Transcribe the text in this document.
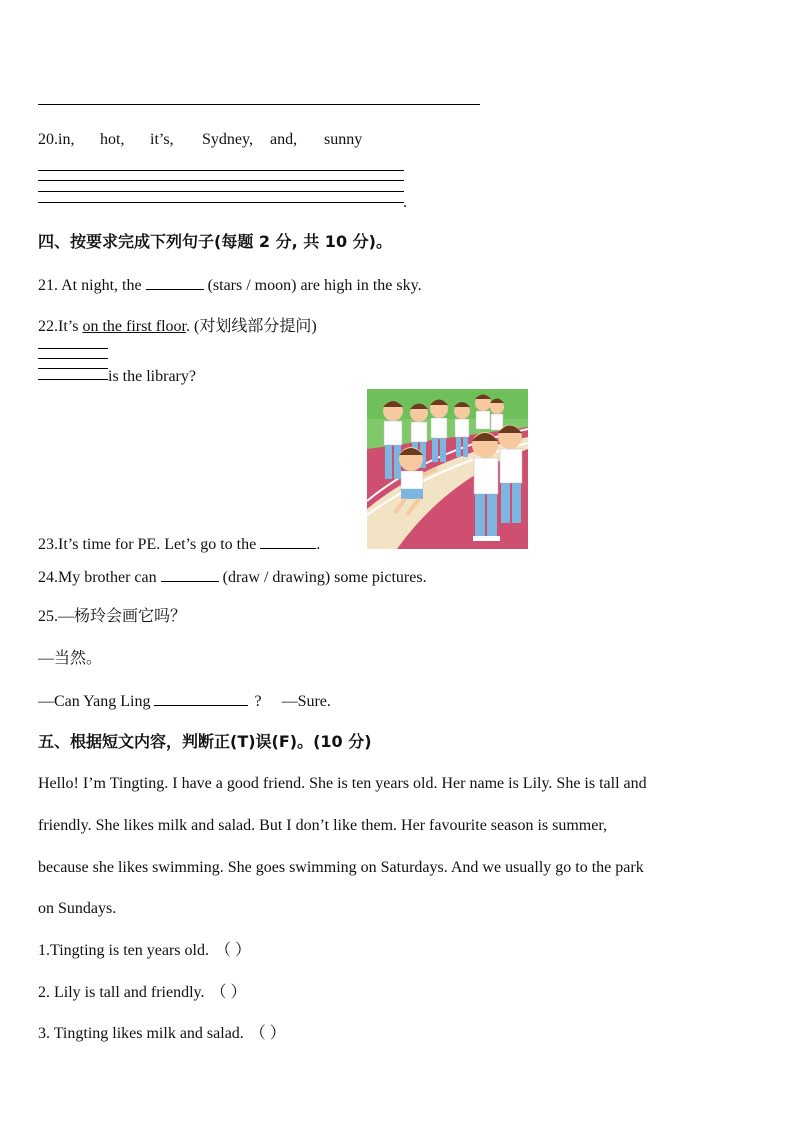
20.in, hot, it’s, Sydney, and, sunny
.
四、按要求完成下列句子(每题 2 分, 共 10 分)。
21. At night, the	(stars / moon) are high in the sky.
22.It’s on the first floor. (对划线部分提问)
is the library?
23.It’s time for PE. Let’s go to the	.
24.My brother can	(draw / drawing) some pictures.
25.—杨玲会画它吗？
—当然。
—Can Yang Ling	? —Sure.
五、根据短文内容，判断正(T)误(F)。(10 分)
Hello! I’m Tingting. I have a good friend. She is ten years old. Her name is Lily. She is tall and
friendly. She likes milk and salad. But I don’t like them. Her favourite season is summer,
because she likes swimming. She goes swimming on Saturdays. And we usually go to the park
on Sundays.
1.Tingting is ten years old. （ ）
2. Lily is tall and friendly. （ ）
3. Tingting likes milk and salad. （ ）
